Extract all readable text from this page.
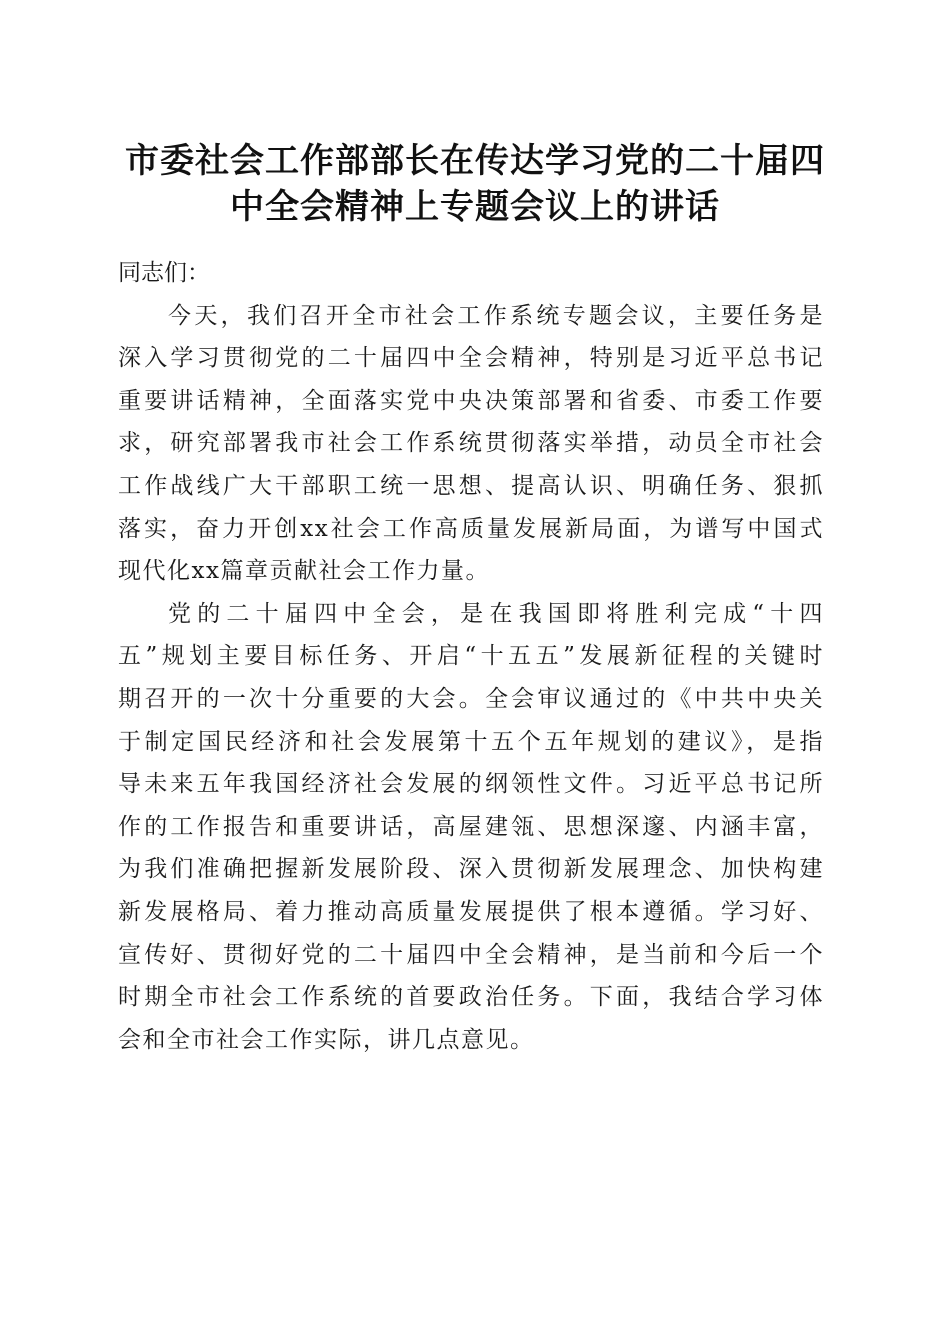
市委社会工作部部长在传达学习党的二十届四
中全会精神上专题会议上的讲话
同志们：
今天，我们召开全市社会工作系统专题会议，主要任务是
深入学习贯彻党的二十届四中全会精神，特别是习近平总书记
重要讲话精神，全面落实党中央决策部署和省委、市委工作要
求，研究部署我市社会工作系统贯彻落实举措，动员全市社会
工作战线广大干部职工统一思想、提高认识、明确任务、狠抓
落实，奋力开创xx社会工作高质量发展新局面，为谱写中国式
现代化xx篇章贡献社会工作力量。
党的二十届四中全会，是在我国即将胜利完成“十四
五”规划主要目标任务、开启“十五五”发展新征程的关键时
期召开的一次十分重要的大会。全会审议通过的《中共中央关
于制定国民经济和社会发展第十五个五年规划的建议》，是指
导未来五年我国经济社会发展的纲领性文件。习近平总书记所
作的工作报告和重要讲话，高屋建瓴、思想深邃、内涵丰富，
为我们准确把握新发展阶段、深入贯彻新发展理念、加快构建
新发展格局、着力推动高质量发展提供了根本遵循。学习好、
宣传好、贯彻好党的二十届四中全会精神，是当前和今后一个
时期全市社会工作系统的首要政治任务。下面，我结合学习体
会和全市社会工作实际，讲几点意见。
